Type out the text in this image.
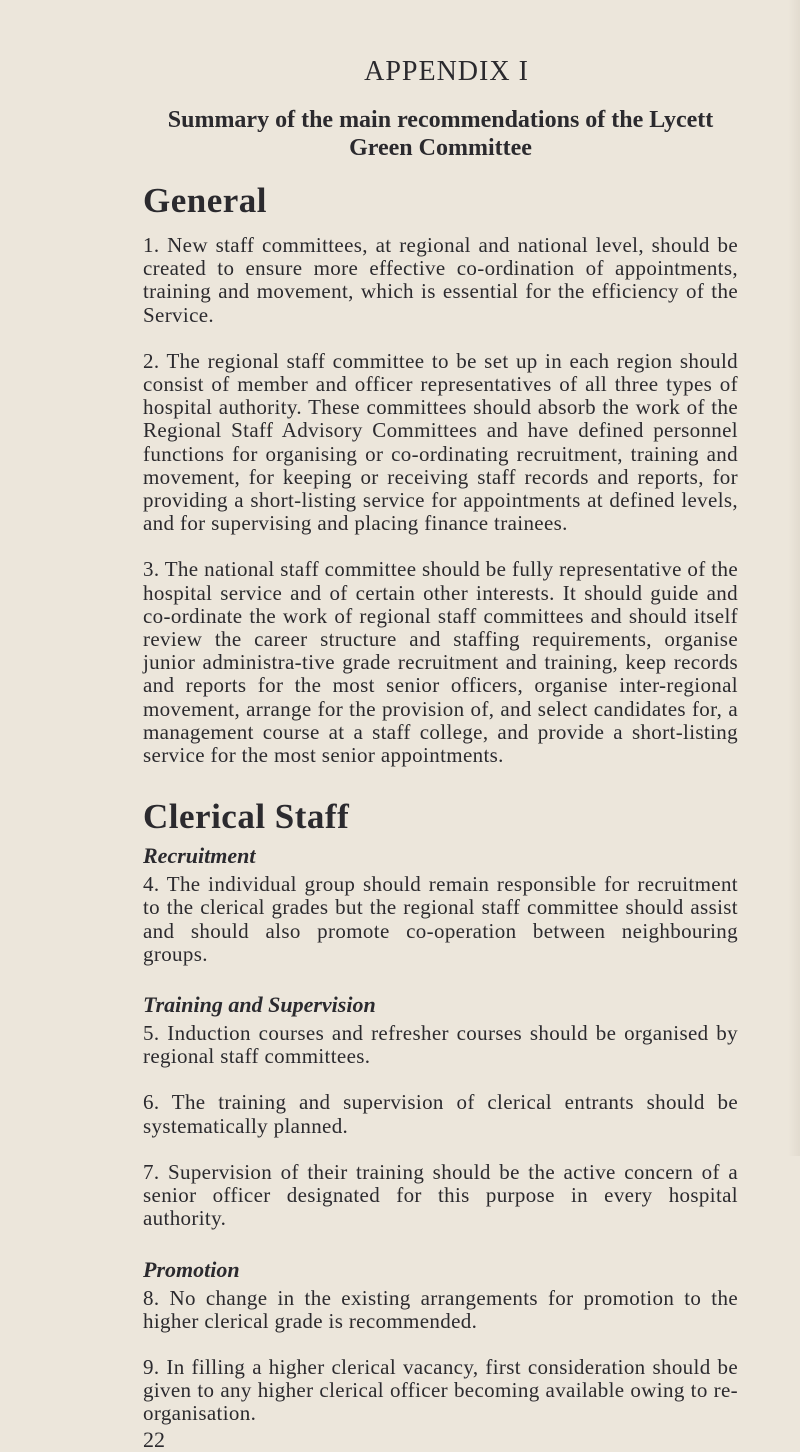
APPENDIX I
Summary of the main recommendations of the Lycett Green Committee
General

1. New staff committees, at regional and national level, should be created to ensure more effective co-ordination of appointments, training and movement, which is essential for the efficiency of the Service.

2. The regional staff committee to be set up in each region should consist of member and officer representatives of all three types of hospital authority. These committees should absorb the work of the Regional Staff Advisory Committees and have defined personnel functions for organising or co-ordinating recruitment, training and movement, for keeping or receiving staff records and reports, for providing a short-listing service for appointments at defined levels, and for supervising and placing finance trainees.

3. The national staff committee should be fully representative of the hospital service and of certain other interests. It should guide and co-ordinate the work of regional staff committees and should itself review the career structure and staffing requirements, organise junior administra-tive grade recruitment and training, keep records and reports for the most senior officers, organise inter-regional movement, arrange for the provision of, and select candidates for, a management course at a staff college, and provide a short-listing service for the most senior appointments.

Clerical Staff
Recruitment

4. The individual group should remain responsible for recruitment to the clerical grades but the regional staff committee should assist and should also promote co-operation between neighbouring groups.

Training and Supervision

5. Induction courses and refresher courses should be organised by regional staff committees.

6. The training and supervision of clerical entrants should be systematically planned.

7. Supervision of their training should be the active concern of a senior officer designated for this purpose in every hospital authority.

Promotion

8. No change in the existing arrangements for promotion to the higher clerical grade is recommended.

9. In filling a higher clerical vacancy, first consideration should be given to any higher clerical officer becoming available owing to re-organisation.

22
